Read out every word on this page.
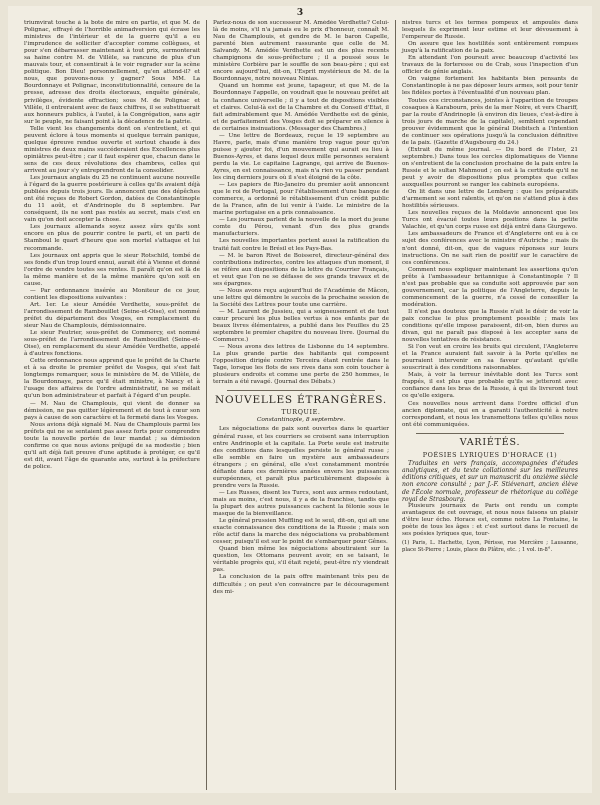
3

triumvirat touche à la bote de mire en partie, et que M. de Polignac, effrayé de l'horrible animadversion qui écrase les ministres de l'intérieur et de la guerre qu'il a eu l'imprudence de solliciter d'accepter comme collègues, et pour s'en débarrasser maintenant à tout prix, surmonterait sa haine contre M. de Villèle, sa rancune de plus d'un mauvais tour, et consentirait à le voir regrader sur la scène politique. Bon Dieu! personnellement, qu'en attend-il? et nous, que pouvons-nous y gagner? Sous MM. La Bourdonnaye et Polignac, inconstitutionnalité, censure de la presse, adresse des droits électoraux, enquête générale, privilèges, évidente effraction; sous M. de Polignac et Villèle, il entreraient avec de faux chiffres, il se substituerait aux honneurs publics, à l'autel, à la Congrégation, sans agir sur le peuple, ne faisant point à la décadence de la patrie.

Telle vient les changements dont on s'entretient, et qui peuvent éclore à tous moments si quelque terrain panique, quelque épreuve rendue ouverte et surtout chaude à des ministres de deux mains succéderaient des Excellences plus opiniâtres peut-être ; car il faut espérer que, chacun dans le sens de ces deux révolutions des chambres, celles qui arrivent au jour s'y entreprendront de la consolider.

Les journaux anglais du 25 ne continuent aucune nouvelle à l'égard de la guerre postérieure à celles qu'ils avaient déjà publiées depuis trois jours. Ils annoncent que des dépêches ont été reçues de Robert Gordon, datées de Constantinople du 11 août, et d'Andrinople du 8 septembre. Par conséquent, ils ne sont pas restés au secret, mais c'est en vain qu'on doit accepter la chose.

Les journaux allemands soyez assez sûrs qu'ils sont encore en plus de pourrir contre le parti, et un parti de Stamboul le quart d'heure que son mortel s'attaque et lui recommande.

Les journaux ont appris que le sieur Rotschild, tombé de ses fonds d'un trop lourd ennui, aurait été à Vienne et donné l'ordre de vendre toutes ses rentes. Il paraît qu'on est là de la même manière et de la même manière qu'on soit en cause.

— Par ordonnance insérée au Moniteur de ce jour, contient les dispositions suivantes :

Art. 1er. Le sieur Amédée Verdhette, sous-préfet de l'arrondissement de Rambouillet (Seine-et-Oise), est nommé préfet du département des Vosges, en remplacement du sieur Nau de Champlouis, démissionnaire.

Le sieur Feutrier, sous-préfet de Commercy, est nommé sous-préfet de l'arrondissement de Rambouillet (Seine-et-Oise), en remplacement du sieur Amédée Verdhette, appelé à d'autres fonctions.

Cette ordonnance nous apprend que le préfet de la Charte et à sa droite le premier préfet de Vosges, qui s'est fait longtemps remarquer, sous le ministère de M. de Villèle, de la Bourdonnaye, parce qu'il était ministre, à Nancy et à l'usage des affaires de l'ordre administratif, ne se mélait qu'un bon administrateur et parfait à l'égard d'un peuple.

— M. Nau de Champlouis, qui vient de donner sa démission, ne pas quitter légèrement et de tout à cœur son pays à cause de son caractère et la fermeté dans les Vosges.

Nous avions déjà signalé M. Nau de Champlouis parmi les préfets qui ne se sentaient pas assez forts pour comprendre toute la nouvelle portée de leur mandat ; sa démission confirme ce que nous avions préjugé de sa modestie ; bien qu'il ait déjà fait preuve d'une aptitude à protéger, ce qu'il est dit, avant l'âge de quarante ans, surtout à la préfecture de police.

Parlez-nous de son successeur M. Amédée Verdhette? Celui-là de moins, s'il n'a jamais eu le prix d'honneur, connaît M. Nau de Champlouis, et gendre de M. le baron Capelle, parenté bien autrement rassurante que celle de M. Salvandy. M. Amédée Verdhette est un des plus recents champignons de sous-préfecture ; il a poussé sous le ministère Corbière par le souffle de son beau-père ; qui est encore aujourd'hui, dit-on, l'Esprit mystérieux de M. de la Bourdonnaye, notre nouveau Ninias.

Quand un homme est jeune, tapageur, et que M. de la Bourdonnaye l'appelle, on voudrait que le nouveau préfet ait la confiance universelle ; il y a tout de dispositions visibles et claires. Celui-là est de la Chambre et du Conseil d'Etat, il fait admirablement que M. Amédée Verdhette est de génie, et de parfaitement des Vosges doit se préparer en silence à de certaines insinuations. (Messager des Chambres.)

— Une lettre de Bordeaux, reçue le 19 septembre au Havre, parle, mais d'une manière trop vague pour qu'on puisse y ajouter foi, d'un mouvement qui aurait eu lieu à Buenos-Ayres, et dans lequel deux mille personnes seraient perdu la vie. Le capitaine Lagrange, qui arrive de Buenos-Ayres, en est connaissance, mais n'a rien vu passer pendant les cinq derniers jours où il s'est éloigné de la côte.

— Les papiers de Rio-Janeiro du premier août annoncent que le roi de Portugal, pour l'établissement d'une banque de commerce, a ordonné le rétablissement d'un crédit public de la France, afin de lui venir à l'aide. Le ministre de la marine portugaise en a pris connaissance.

— Les journaux parlent de la nouvelle de la mort du jeune comte du Pérou, venant d'un des plus grands manufacturiers.

Les nouvelles importantes portent aussi la ratification du traité fait contre le Brésil et les Pays-Bas.

— M. le baron Rivet de Boisseret, directeur-général des contributions indirectes, contre les attaques d'un moment, il se réfère aux dispositions de la lettre du Courrier Français, et veut que l'on ne se défasse de ses grands travaux et de ses épargnes.

— Nous avons reçu aujourd'hui de l'Académie de Mâcon, une lettre qui démontre le succès de la prochaine session de la Société des Lettres pour toute une carrière.

— M. Laurent de Jussieu, qui a soigneusement et de tout cœur procuré les plus belles vertus à nos enfants par de beaux livres élémentaires, a publié dans les Feuilles du 25 septembre le premier chapitre du nouveau livre. (Journal du Commerce.)

— Nous avons des lettres de Lisbonne du 14 septembre. La plus grande partie des habitants qui composent l'opposition dirigée contre Terceira étant rentrée dans le Tage, lorsque les flots de ses rives dans son coin toucher à plusieurs endroits et comme une perte de 250 hommes, le terrain a été ravagé. (Journal des Débats.)

NOUVELLES ÉTRANGÈRES.
TURQUIE.
Constantinople, 8 septembre.

Les négociations de paix sont ouvertes dans le quartier général russe, et les courriers se croisent sans interruption entre Andrinople et la capitale. La Porte seule est instruite des conditions dans lesquelles persiste le général russe ; elle semble en faire un mystère aux ambassadeurs étrangers ; en général, elle s'est constamment montrée défiante dans ces dernières années envers les puissances européennes, et paraît plus particulièrement disposée à prendre vers la Russie.

— Les Russes, disent les Turcs, sont aux armes redoutant, mais au moins, c'est nous, il y a de la franchise, tandis que la plupart des autres puissances cachent la félonie sous le masque de la bienveillance.

Le général prussien Muffling est le seul, dit-on, qui ait une exacte connaissance des conditions de la Russie ; mais son rôle actif dans la marche des négociations va probablement cesser, puisqu'il est sur le point de s'embarquer pour Gênes.

Quand bien même les négociations aboutiraient sur la question, les Ottomans peuvent avoir, en se taisant, le véritable progrès qui, s'il était rejeté, peut-être n'y viendrait pas.

La conclusion de la paix offre maintenant très peu de difficultés ; on peut s'en convaincre par le découragement des mi-

nistres turcs et les termes pompeux et ampoulés dans lesquels ils expriment leur estime et leur dévouement à l'empereur de Russie.

On assure que les hostilités sont entièrement rompues jusqu'à la ratification de la paix.

En attendant l'on poursuit avec beaucoup d'activité les travaux de la forteresse ou de Crab, sous l'inspection d'un officier de génie anglais.

On vaigne fortement les habitants bien pensants de Constantinople à ne pas déposer leurs armes, soit pour tenir les fidèles portes à l'éventualité d'un nouveau plan.

Toutes ces circonstances, jointes à l'apparition de troupes cosaques à Karabourn, près de la mer Noire, et vers Chariff, par la route d'Andrinople (à environ dix lieues, c'est-à-dire à trois jours de marche de la capitale), semblent cependant prouver évidemment que le général Diebitsch a l'intention de continuer ses opérations jusqu'à la conclusion définitive de la paix. (Gazette d'Augsbourg du 24.)

(Extrait du même journal. — Du bord de l'Ister, 21 septembre.) Dans tous les cercles diplomatiques de Vienne on s'entretient de la conclusion prochaine de la paix entre la Russie et le sultan Mahmoud ; on est à la certitude qu'il ne peut y avoir de dispositions plus promptes que celles auxquelles pourront se ranger les cabinets européens.

On lit dans une lettre de Lemberg : que les préparatifs d'armement se sont ralentis, et qu'on ne s'attend plus à des hostilités sérieuses.

Les nouvelles reçues de la Moldavie annoncent que les Turcs ont évacué toutes leurs positions dans la petite Valachie, et qu'un corps russe est déjà entré dans Giurgewo.

Les ambassadeurs de France et d'Angleterre ont eu à ce sujet des conférences avec le ministre d'Autriche ; mais ils n'ont donné, dit-on, que de vagues réponses sur leurs instructions. On ne sait rien de positif sur le caractère de ces conférences.

Comment nous expliquer maintenant les assertions qu'on prête à l'ambassadeur britannique à Constantinople ? Il n'est pas probable que sa conduite soit approuvée par son gouvernement, car la politique de l'Angleterre, depuis le commencement de la guerre, n'a cessé de conseiller la modération.

Il n'est pas douteux que la Russie n'ait le désir de voir la paix conclue le plus promptement possible ; mais les conditions qu'elle impose paraissent, dit-on, bien dures au divan, qui ne paraît pas disposé à les accepter sans de nouvelles tentatives de résistance.

Si l'on veut en croire les bruits qui circulent, l'Angleterre et la France auraient fait savoir à la Porte qu'elles ne pourraient intervenir en sa faveur qu'autant qu'elle souscrirait à des conditions raisonnables.

Mais, à voir la terreur inévitable dont les Turcs sont frappés, il est plus que probable qu'ils se jetteront avec confiance dans les bras de la Russie, à qui ils livreront tout ce qu'elle exigera.

Ces nouvelles nous arrivent dans l'ordre officiel d'un ancien diplomate, qui en a garanti l'authenticité à notre correspondant, et nous les transmettons telles qu'elles nous ont été communiquées.

VARIÉTÉS.
POÉSIES LYRIQUES D'HORACE (1)

Traduites en vers français, accompagnées d'études analytiques, et du texte collationné sur les meilleures éditions critiques, et sur un manuscrit du onzième siècle non encore consulté ; par J.-F. Stiévenart, ancien élève de l'École normale, professeur de rhétorique au collège royal de Strasbourg.

Plusieurs journaux de Paris ont rendu un compte avantageux de cet ouvrage, et nous nous faisons un plaisir d'être leur écho. Horace est, comme notre La Fontaine, le poète de tous les âges : et c'est surtout dans le recueil de ses poésies lyriques que, tour-

(1) Paris, L. Hachette, Lyon, Périsse, rue Mercière ; Lausanne, place St-Pierre ; Louis, place du Plâtre, etc. ; 1 vol. in-8°.
